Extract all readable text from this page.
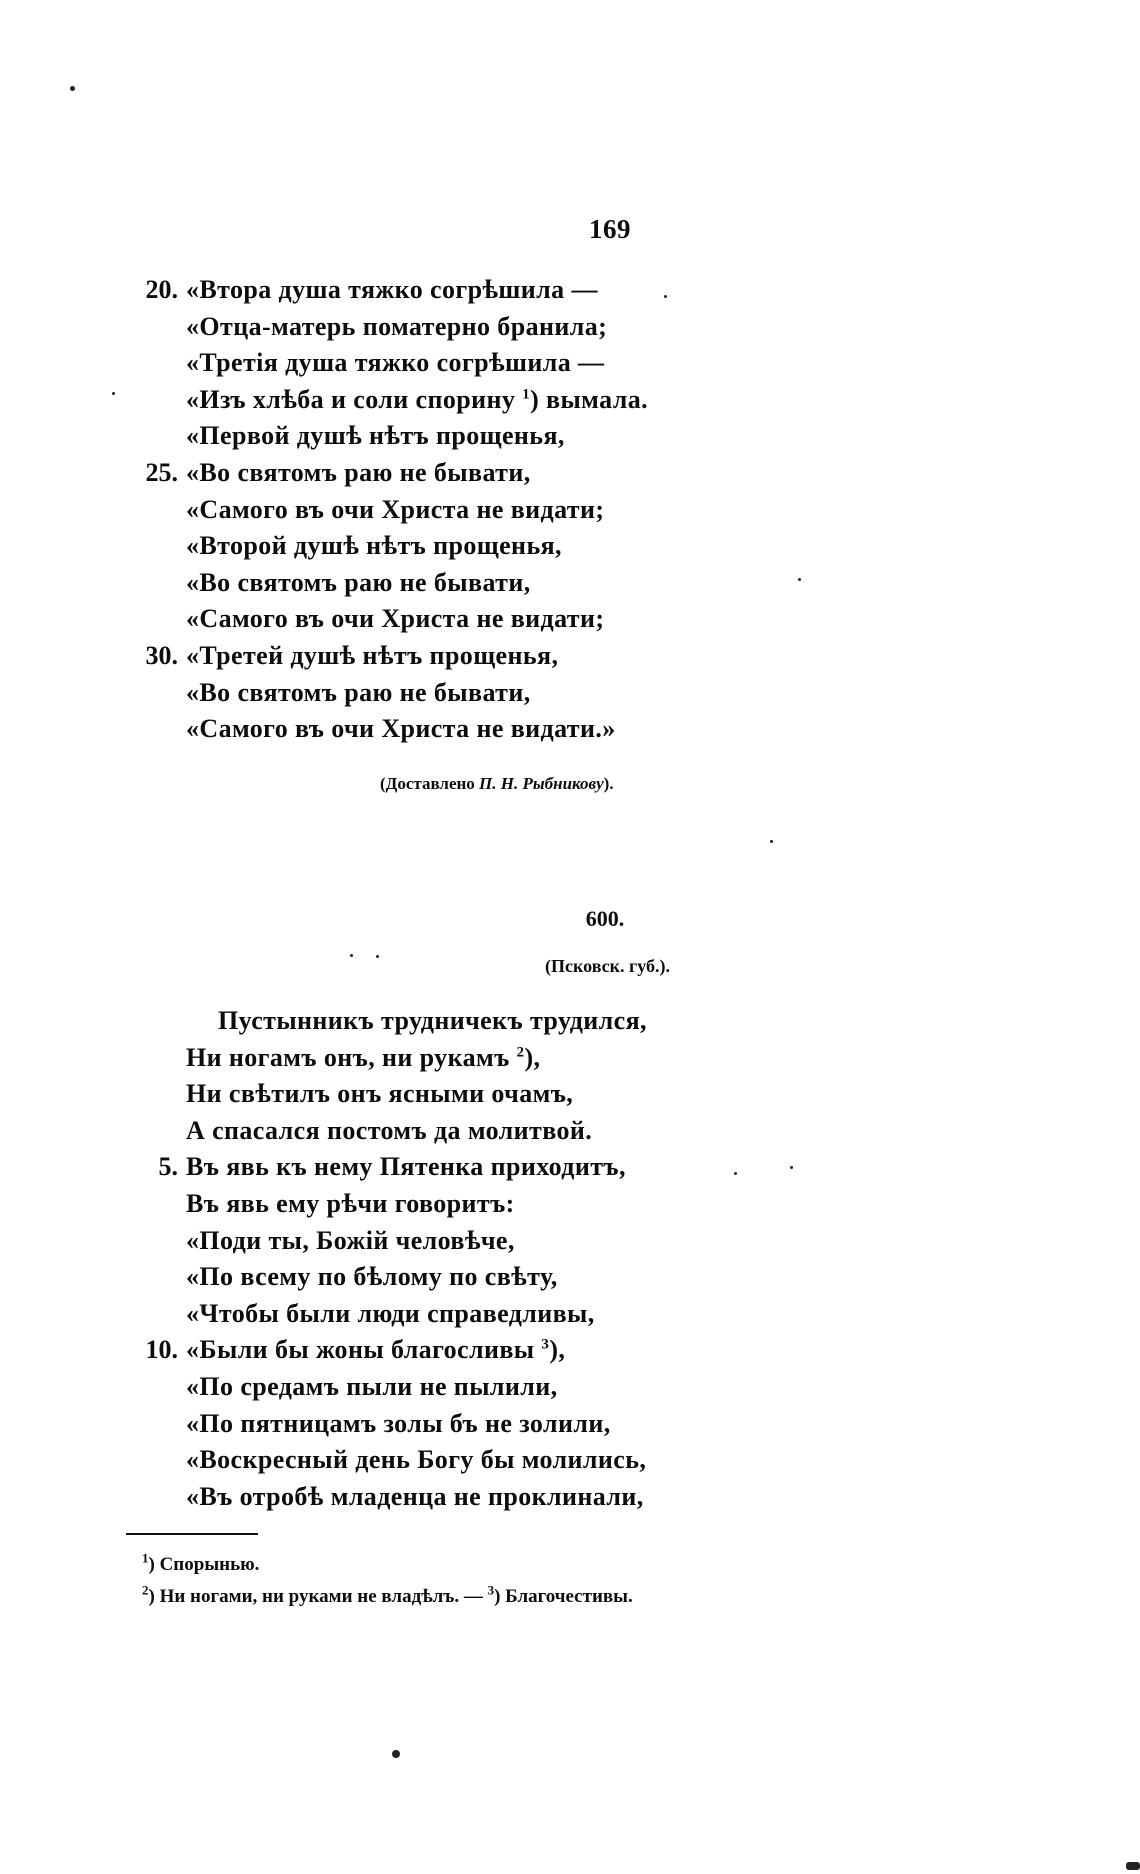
169
20. «Втора душа тяжко согрѣшила —
«Отца-матерь поматерно бранила;
«Третія душа тяжко согрѣшила —
«Изъ хлѣба и соли спорину $^1$) вымала.
«Первой душѣ нѣтъ прощенья,
25. «Во святомъ раю не бывати,
«Самого въ очи Христа не видати;
«Второй душѣ нѣтъ прощенья,
«Во святомъ раю не бывати,
«Самого въ очи Христа не видати;
30. «Третей душѣ нѣтъ прощенья,
«Во святомъ раю не бывати,
«Самого въ очи Христа не видати.»
(Доставлено П. Н. Рыбникову).
600.
(Псковск. губ.).
Пустынникъ трудничекъ трудился,
Ни ногамъ онъ, ни рукамъ $^2$),
Ни свѣтилъ онъ ясными очамъ,
А спасался постомъ да молитвой.
5. Въ явь къ нему Пятенка приходитъ,
Въ явь ему рѣчи говоритъ:
«Поди ты, Божій человѣче,
«По всему по бѣлому по свѣту,
«Чтобы были люди справедливы,
10. «Были бы жоны благосливы $^3$),
«По средамъ пыли не пылили,
«По пятницамъ золы бъ не золили,
«Воскресный день Богу бы молились,
«Въ отробѣ младенца не проклинали,
$^1$) Спорынью.
$^2$) Ни ногами, ни руками не владѣлъ. — $^3$) Благочестивы.
